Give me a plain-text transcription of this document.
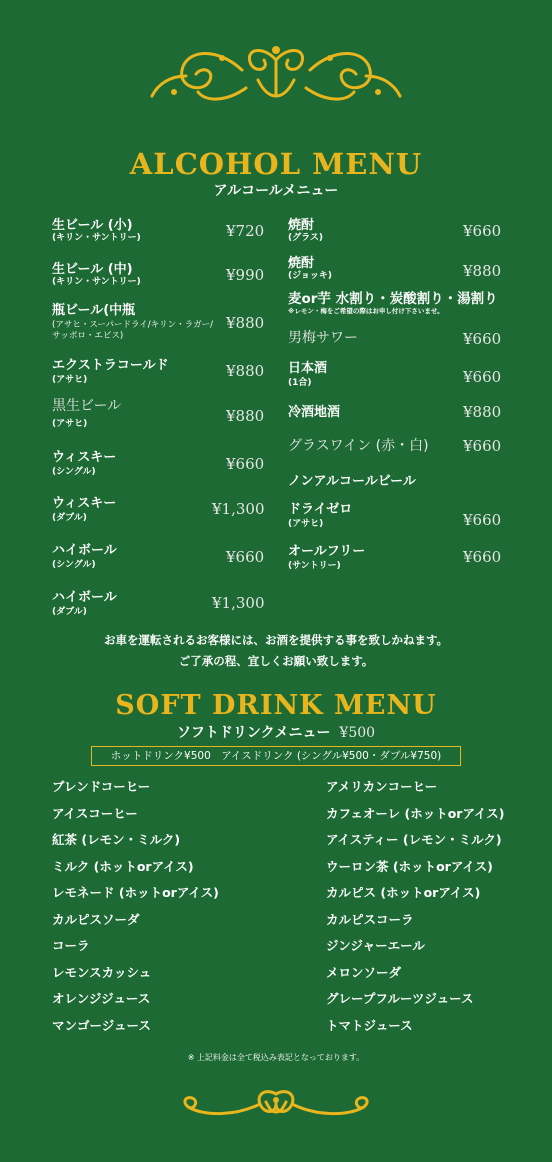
ALCOHOL MENU
アルコールメニュー
生ビール (小)
(キリン・サントリー)	¥720
生ビール (中)
(キリン・サントリー)	¥990
瓶ビール(中瓶
(アサヒ・スーパードライ/キリン・ラガー/
サッポロ・エビス)
¥880
エクストラコールド
(アサヒ)	¥880
黒生ビール
(アサヒ)	¥880
ウィスキー
(シングル)	¥660
ウィスキー
(ダブル)	¥1,300
ハイボール
(シングル)	¥660
ハイボール
(ダブル)	¥1,300
焼酎
(グラス)	¥660
焼酎
(ジョッキ)	¥880
麦or芋 水割り・炭酸割り・湯割り
※レモン・梅をご希望の際はお申し付け下さいませ。
男梅サワー	¥660
日本酒
(1合)	¥660
冷酒地酒	¥880
グラスワイン (赤・白) ¥660
ノンアルコールビール
ドライゼロ
(アサヒ)	¥660
オールフリー
(サントリー)	¥660
お車を運転されるお客様には、お酒を提供する事を致しかねます。
ご了承の程、宜しくお願い致します。
SOFT DRINK MENU
ソフトドリンクメニュー ¥500
ホットドリンク¥500　アイスドリンク (シングル¥500・ダブル¥750)
ブレンドコーヒー
アイスコーヒー
紅茶 (レモン・ミルク)
ミルク (ホットorアイス)
レモネード (ホットorアイス)
カルピスソーダ
コーラ
レモンスカッシュ
オレンジジュース
マンゴージュース
アメリカンコーヒー
カフェオーレ (ホットorアイス)
アイスティー (レモン・ミルク)
ウーロン茶 (ホットorアイス)
カルピス (ホットorアイス)
カルピスコーラ
ジンジャーエール
メロンソーダ
グレープフルーツジュース
トマトジュース
※ 上記料金は全て税込み表記となっております。
